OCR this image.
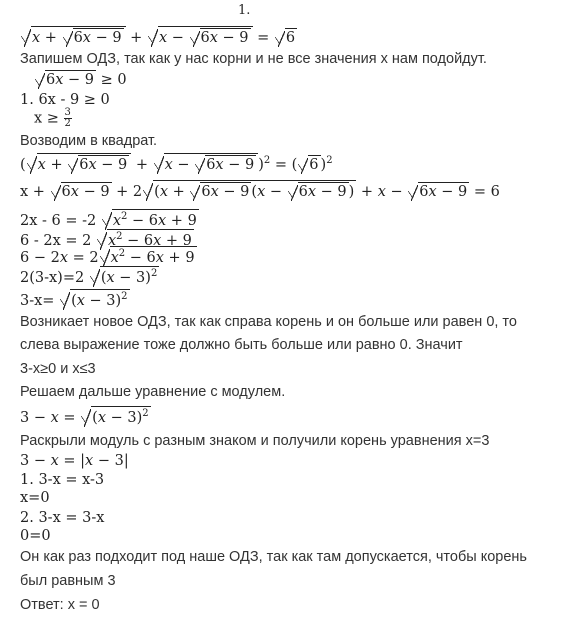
1.
x + 6x − 9 + x − 6x − 9 = 6
Запишем ОДЗ, так как у нас корни и не все значения x нам подойдут.
6x − 9 ≥ 0
1. 6x - 9 ≥ 0
$x \ge \frac{3}{2}$
Возводим в квадрат.
( x + 6x − 9 + x − 6x − 9 )$^2$ = ( 6 )$^2$
x + 6x − 9 + 2 (x + 6x − 9 (x − 6x − 9 ) + x − 6x − 9 = 6
2x - 6 = -2 $x^2 - 6x + 9$
6 - 2x = 2 $x^2 - 6x + 9$
6 − 2x = 2 $x^2 - 6x + 9$
2(3-x)=2 $(x - 3)^2$
$3-x= (x - 3)^2$
Возникает новое ОДЗ, так как справа корень и он больше или равен 0, то
слева выражение тоже должно быть больше или равно 0. Значит
3-x≥0 и x≤3
Решаем дальше уравнение с модулем.
$3 - x = (x - 3)^2$
Раскрыли модуль с разным знаком и получили корень уравнения x=3
3 − x = |x − 3|
1. 3-x = x-3
x=0
2. 3-x = 3-x
0=0
Он как раз подходит под наше ОДЗ, так как там допускается, чтобы корень
был равным 3
Ответ: x = 0
